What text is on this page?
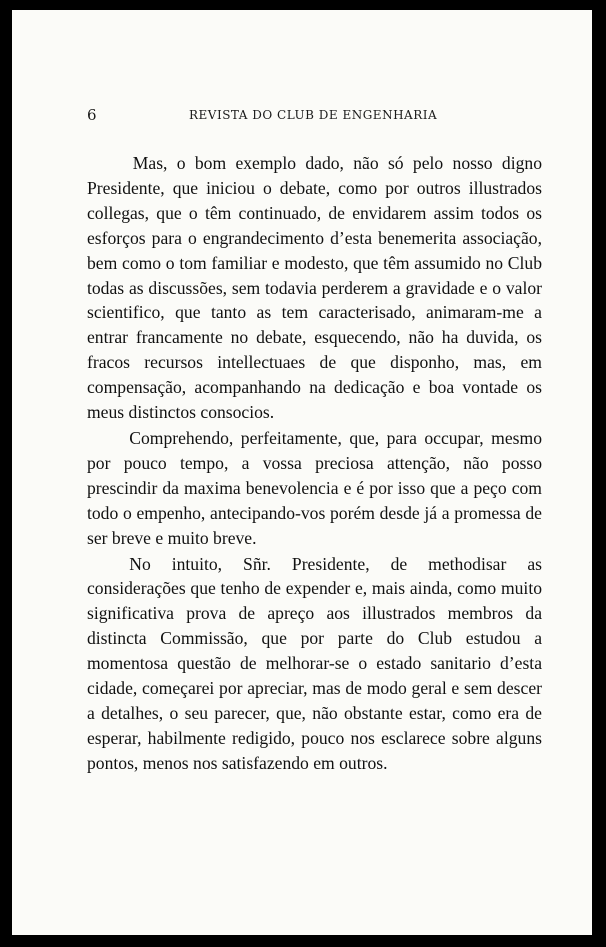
6	REVISTA DO CLUB DE ENGENHARIA

Mas, o bom exemplo dado, não só pelo nosso digno Presidente, que iniciou o debate, como por outros illustrados collegas, que o têm continuado, de envidarem assim todos os esforços para o engrandecimento d’esta benemerita associação, bem como o tom familiar e modesto, que têm assumido no Club todas as discussões, sem todavia perderem a gravidade e o valor scientifico, que tanto as tem caracterisado, animaram-me a entrar francamente no debate, esquecendo, não ha duvida, os fracos recursos intellectuaes de que disponho, mas, em compensação, acompanhando na dedicação e boa vontade os meus distinctos consocios.

Comprehendo, perfeitamente, que, para occupar, mesmo por pouco tempo, a vossa preciosa attenção, não posso prescindir da maxima benevolencia e é por isso que a peço com todo o empenho, antecipando-vos porém desde já a promessa de ser breve e muito breve.

No intuito, Sñr. Presidente, de methodisar as considerações que tenho de expender e, mais ainda, como muito significativa prova de apreço aos illustrados membros da distincta Commissão, que por parte do Club estudou a momentosa questão de melhorar-se o estado sanitario d’esta cidade, começarei por apreciar, mas de modo geral e sem descer a detalhes, o seu parecer, que, não obstante estar, como era de esperar, habilmente redigido, pouco nos esclarece sobre alguns pontos, menos nos satisfazendo em outros.
